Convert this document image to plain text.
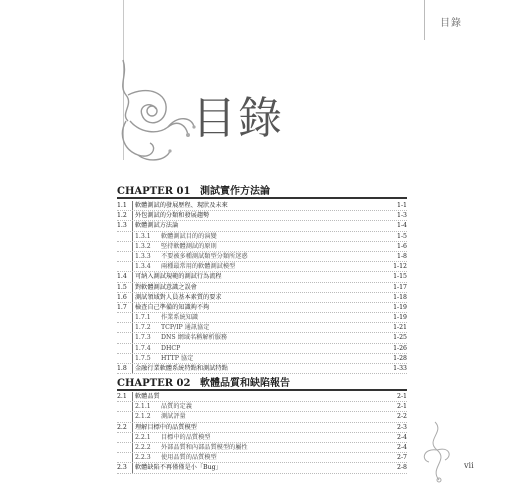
目錄
目錄
CHAPTER 01 測試實作方法論
1.1	軟體測試的發展歷程、現狀及未來	1-1
1.2	外包測試的分類和發展趨勢	1-3
1.3	軟體測試方法論	1-4
1.3.1	軟體測試目的的演變	1-5
1.3.2	堅持軟體測試的原則	1-6
1.3.3	不要被多種測試類型分類所迷惑	1-8
1.3.4	兩種最常用的軟體測試模型	1-12
1.4	可納入測試規範的測試行為流程	1-15
1.5	對軟體測試意識之誤會	1-17
1.6	測試領域對人員基本素質的要求	1-18
1.7	檢查自己準備的知識夠不夠	1-19
1.7.1	作業系統知識	1-19
1.7.2	TCP/IP 通訊協定	1-21
1.7.3	DNS 網域名稱解析服務	1-25
1.7.4	DHCP	1-26
1.7.5	HTTP 協定	1-28
1.8	金融行業軟體系統特點和測試特點	1-33
CHAPTER 02 軟體品質和缺陷報告
2.1	軟體品質	2-1
2.1.1	品質的定義	2-1
2.1.2	測試評量	2-2
2.2	理解目標中的品質模型	2-3
2.2.1	目標中的品質模型	2-4
2.2.2	外部品質和內部品質模型的屬性	2-4
2.2.3	使用品質的品質模型	2-7
2.3	軟體缺陷不再僅僅是小「Bug」	2-8	vii
